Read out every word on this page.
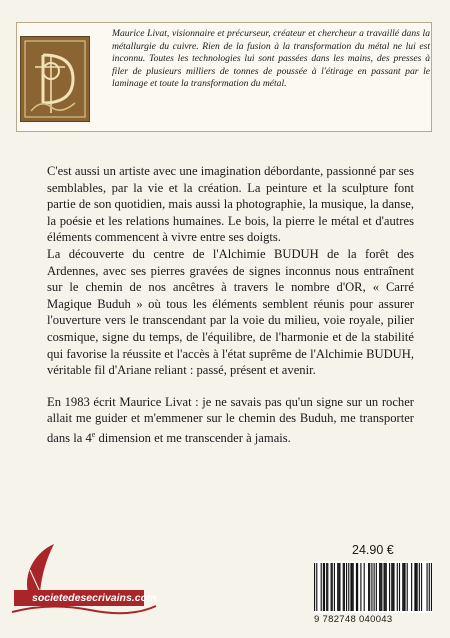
Maurice Livat, visionnaire et précurseur, créateur et chercheur a travaillé dans la métallurgie du cuivre. Rien de la fusion à la transformation du métal ne lui est inconnu. Toutes les technologies lui sont passées dans les mains, des presses à filer de plusieurs milliers de tonnes de poussée à l'étirage en passant par le laminage et toute la transformation du métal.

C'est aussi un artiste avec une imagination débordante, passionné par ses semblables, par la vie et la création. La peinture et la sculpture font partie de son quotidien, mais aussi la photographie, la musique, la danse, la poésie et les relations humaines. Le bois, la pierre le métal et d'autres éléments commencent à vivre entre ses doigts.

La découverte du centre de l'Alchimie BUDUH de la forêt des Ardennes, avec ses pierres gravées de signes inconnus nous entraînent sur le chemin de nos ancêtres à travers le nombre d'OR, « Carré Magique Buduh » où tous les éléments semblent réunis pour assurer l'ouverture vers le transcendant par la voie du milieu, voie royale, pilier cosmique, signe du temps, de l'équilibre, de l'harmonie et de la stabilité qui favorise la réussite et l'accès à l'état suprême de l'Alchimie BUDUH, véritable fil d'Ariane reliant : passé, présent et avenir.

En 1983 écrit Maurice Livat : je ne savais pas qu'un signe sur un rocher allait me guider et m'emmener sur le chemin des Buduh, me transporter dans la 4e dimension et me transcender à jamais.

societedesecrivains.com
24.90 €
9 782748 040043
